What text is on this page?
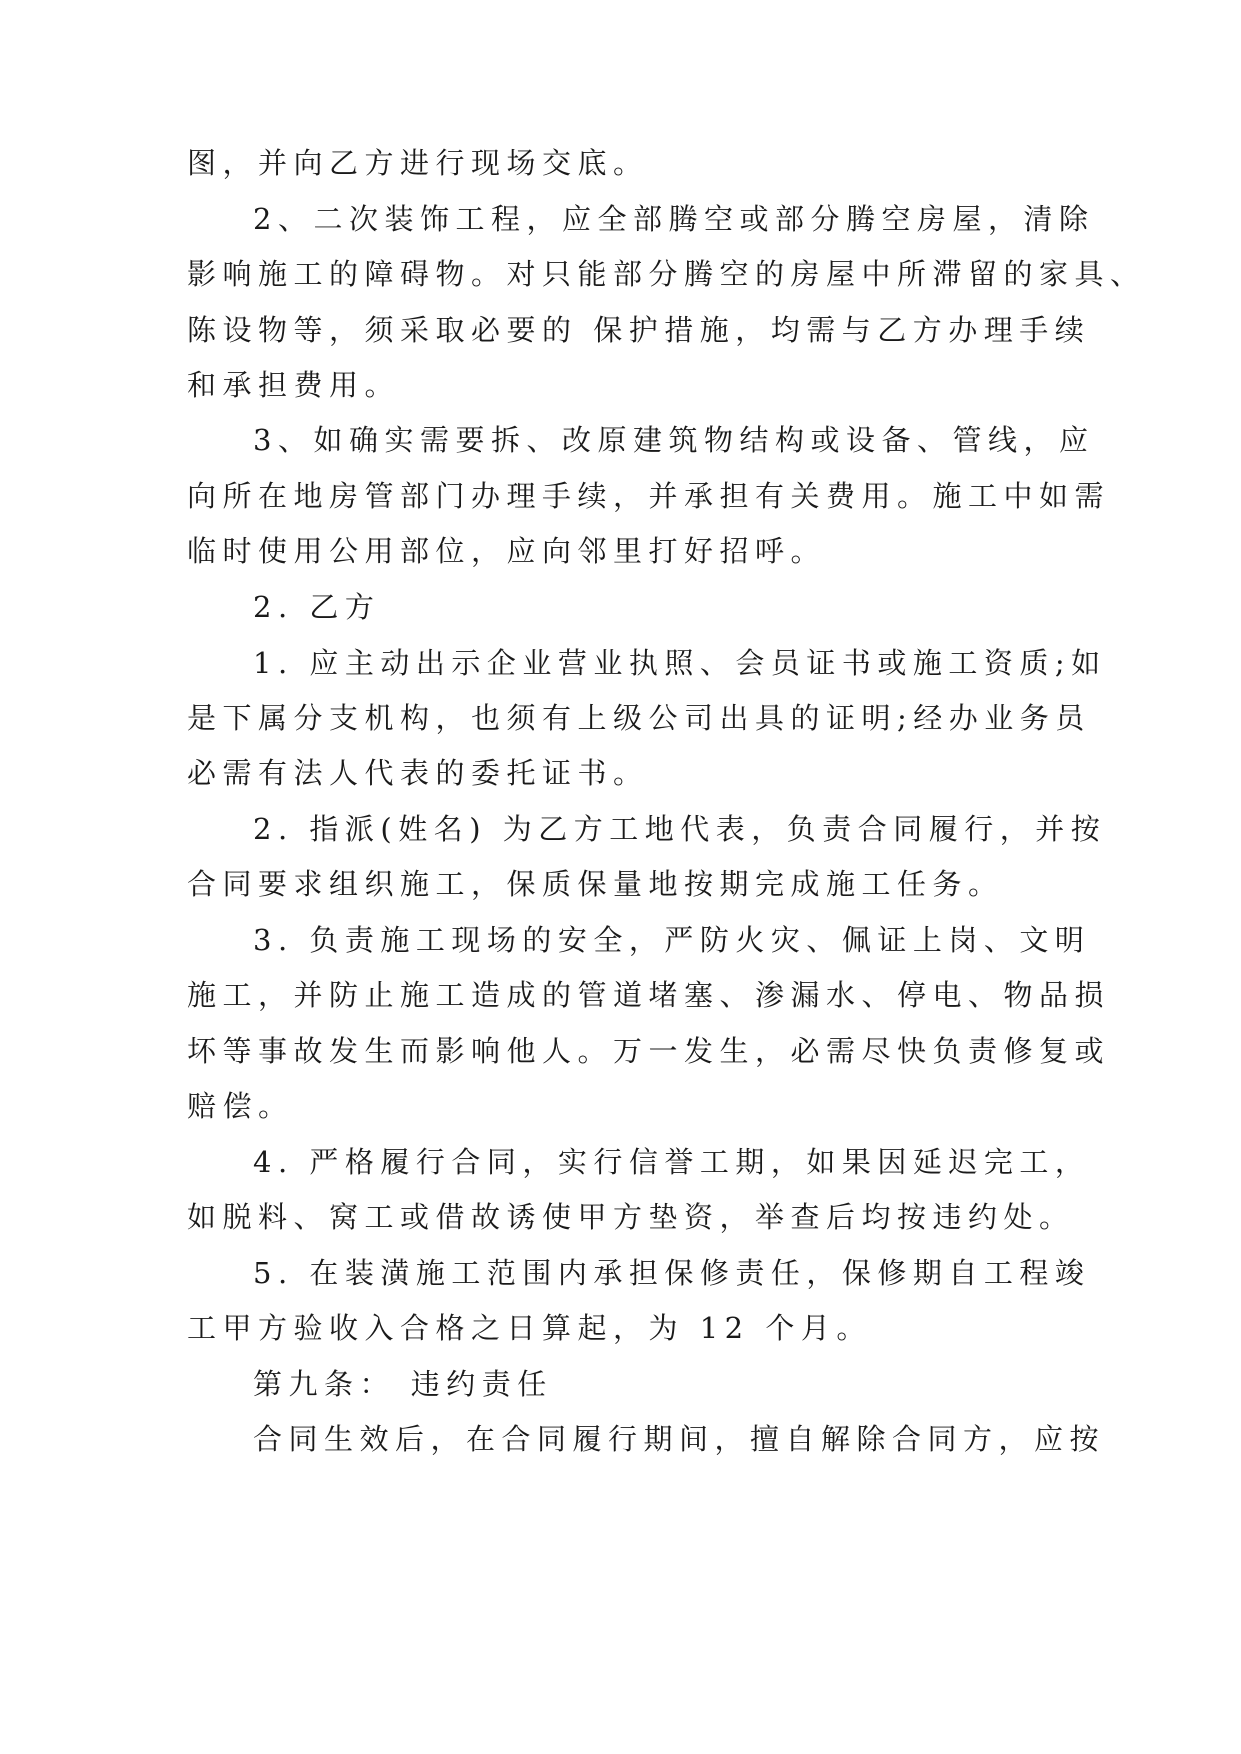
图，并向乙方进行现场交底。
2、二次装饰工程，应全部腾空或部分腾空房屋，清除
影响施工的障碍物。对只能部分腾空的房屋中所滞留的家具、
陈设物等，须采取必要的 保护措施，均需与乙方办理手续
和承担费用。
3、如确实需要拆、改原建筑物结构或设备、管线，应
向所在地房管部门办理手续，并承担有关费用。施工中如需
临时使用公用部位，应向邻里打好招呼。
2. 乙方
1. 应主动出示企业营业执照、会员证书或施工资质;如
是下属分支机构，也须有上级公司出具的证明;经办业务员
必需有法人代表的委托证书。
2. 指派(姓名) 为乙方工地代表，负责合同履行，并按
合同要求组织施工，保质保量地按期完成施工任务。
3. 负责施工现场的安全，严防火灾、佩证上岗、文明
施工，并防止施工造成的管道堵塞、渗漏水、停电、物品损
坏等事故发生而影响他人。万一发生，必需尽快负责修复或
赔偿。
4. 严格履行合同，实行信誉工期，如果因延迟完工，
如脱料、窝工或借故诱使甲方垫资，举查后均按违约处。
5. 在装潢施工范围内承担保修责任，保修期自工程竣
工甲方验收入合格之日算起，为 12 个月。
第九条： 违约责任
合同生效后，在合同履行期间，擅自解除合同方，应按
